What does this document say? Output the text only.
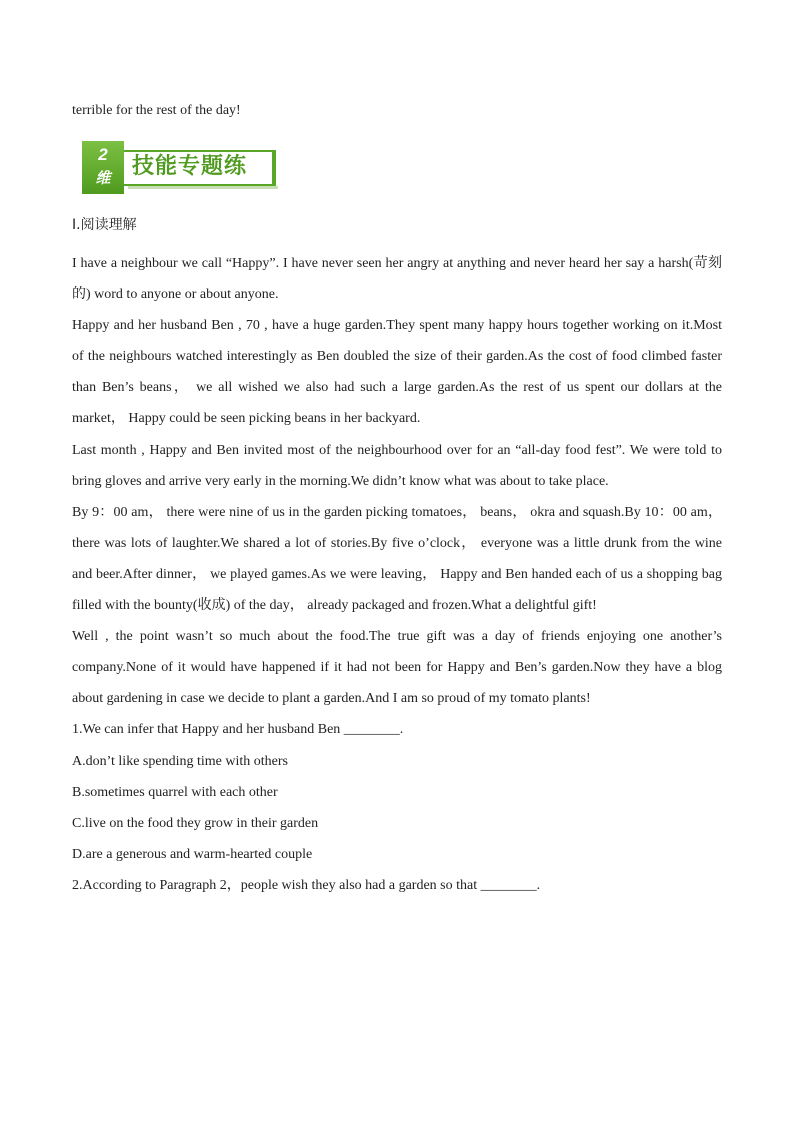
terrible for the rest of the day!
2
维 技能专题练
Ⅰ.阅读理解

I have a neighbour we call “Happy”. I have never seen her angry at anything and never heard her say a harsh(苛刻的) word to anyone or about anyone.

Happy and her husband Ben , 70 , have a huge garden.They spent many happy hours together working on it.Most of the neighbours watched interestingly as Ben doubled the size of their garden.As the cost of food climbed faster than Ben’s beans， we all wished we also had such a large garden.As the rest of us spent our dollars at the market， Happy could be seen picking beans in her backyard.

Last month , Happy and Ben invited most of the neighbourhood over for an “all-day food fest”. We were told to bring gloves and arrive very early in the morning.We didn’t know what was about to take place.

By 9：00 am， there were nine of us in the garden picking tomatoes， beans， okra and squash.By 10：00 am， there was lots of laughter.We shared a lot of stories.By five o’clock， everyone was a little drunk from the wine and beer.After dinner， we played games.As we were leaving， Happy and Ben handed each of us a shopping bag filled with the bounty(收成) of the day， already packaged and frozen.What a delightful gift!

Well , the point wasn’t so much about the food.The true gift was a day of friends enjoying one another’s company.None of it would have happened if it had not been for Happy and Ben’s garden.Now they have a blog about gardening in case we decide to plant a garden.And I am so proud of my tomato plants!

1.We can infer that Happy and her husband Ben ________.
A.don’t like spending time with others
B.sometimes quarrel with each other
C.live on the food they grow in their garden
D.are a generous and warm-hearted couple
2.According to Paragraph 2，people wish they also had a garden so that ________.
